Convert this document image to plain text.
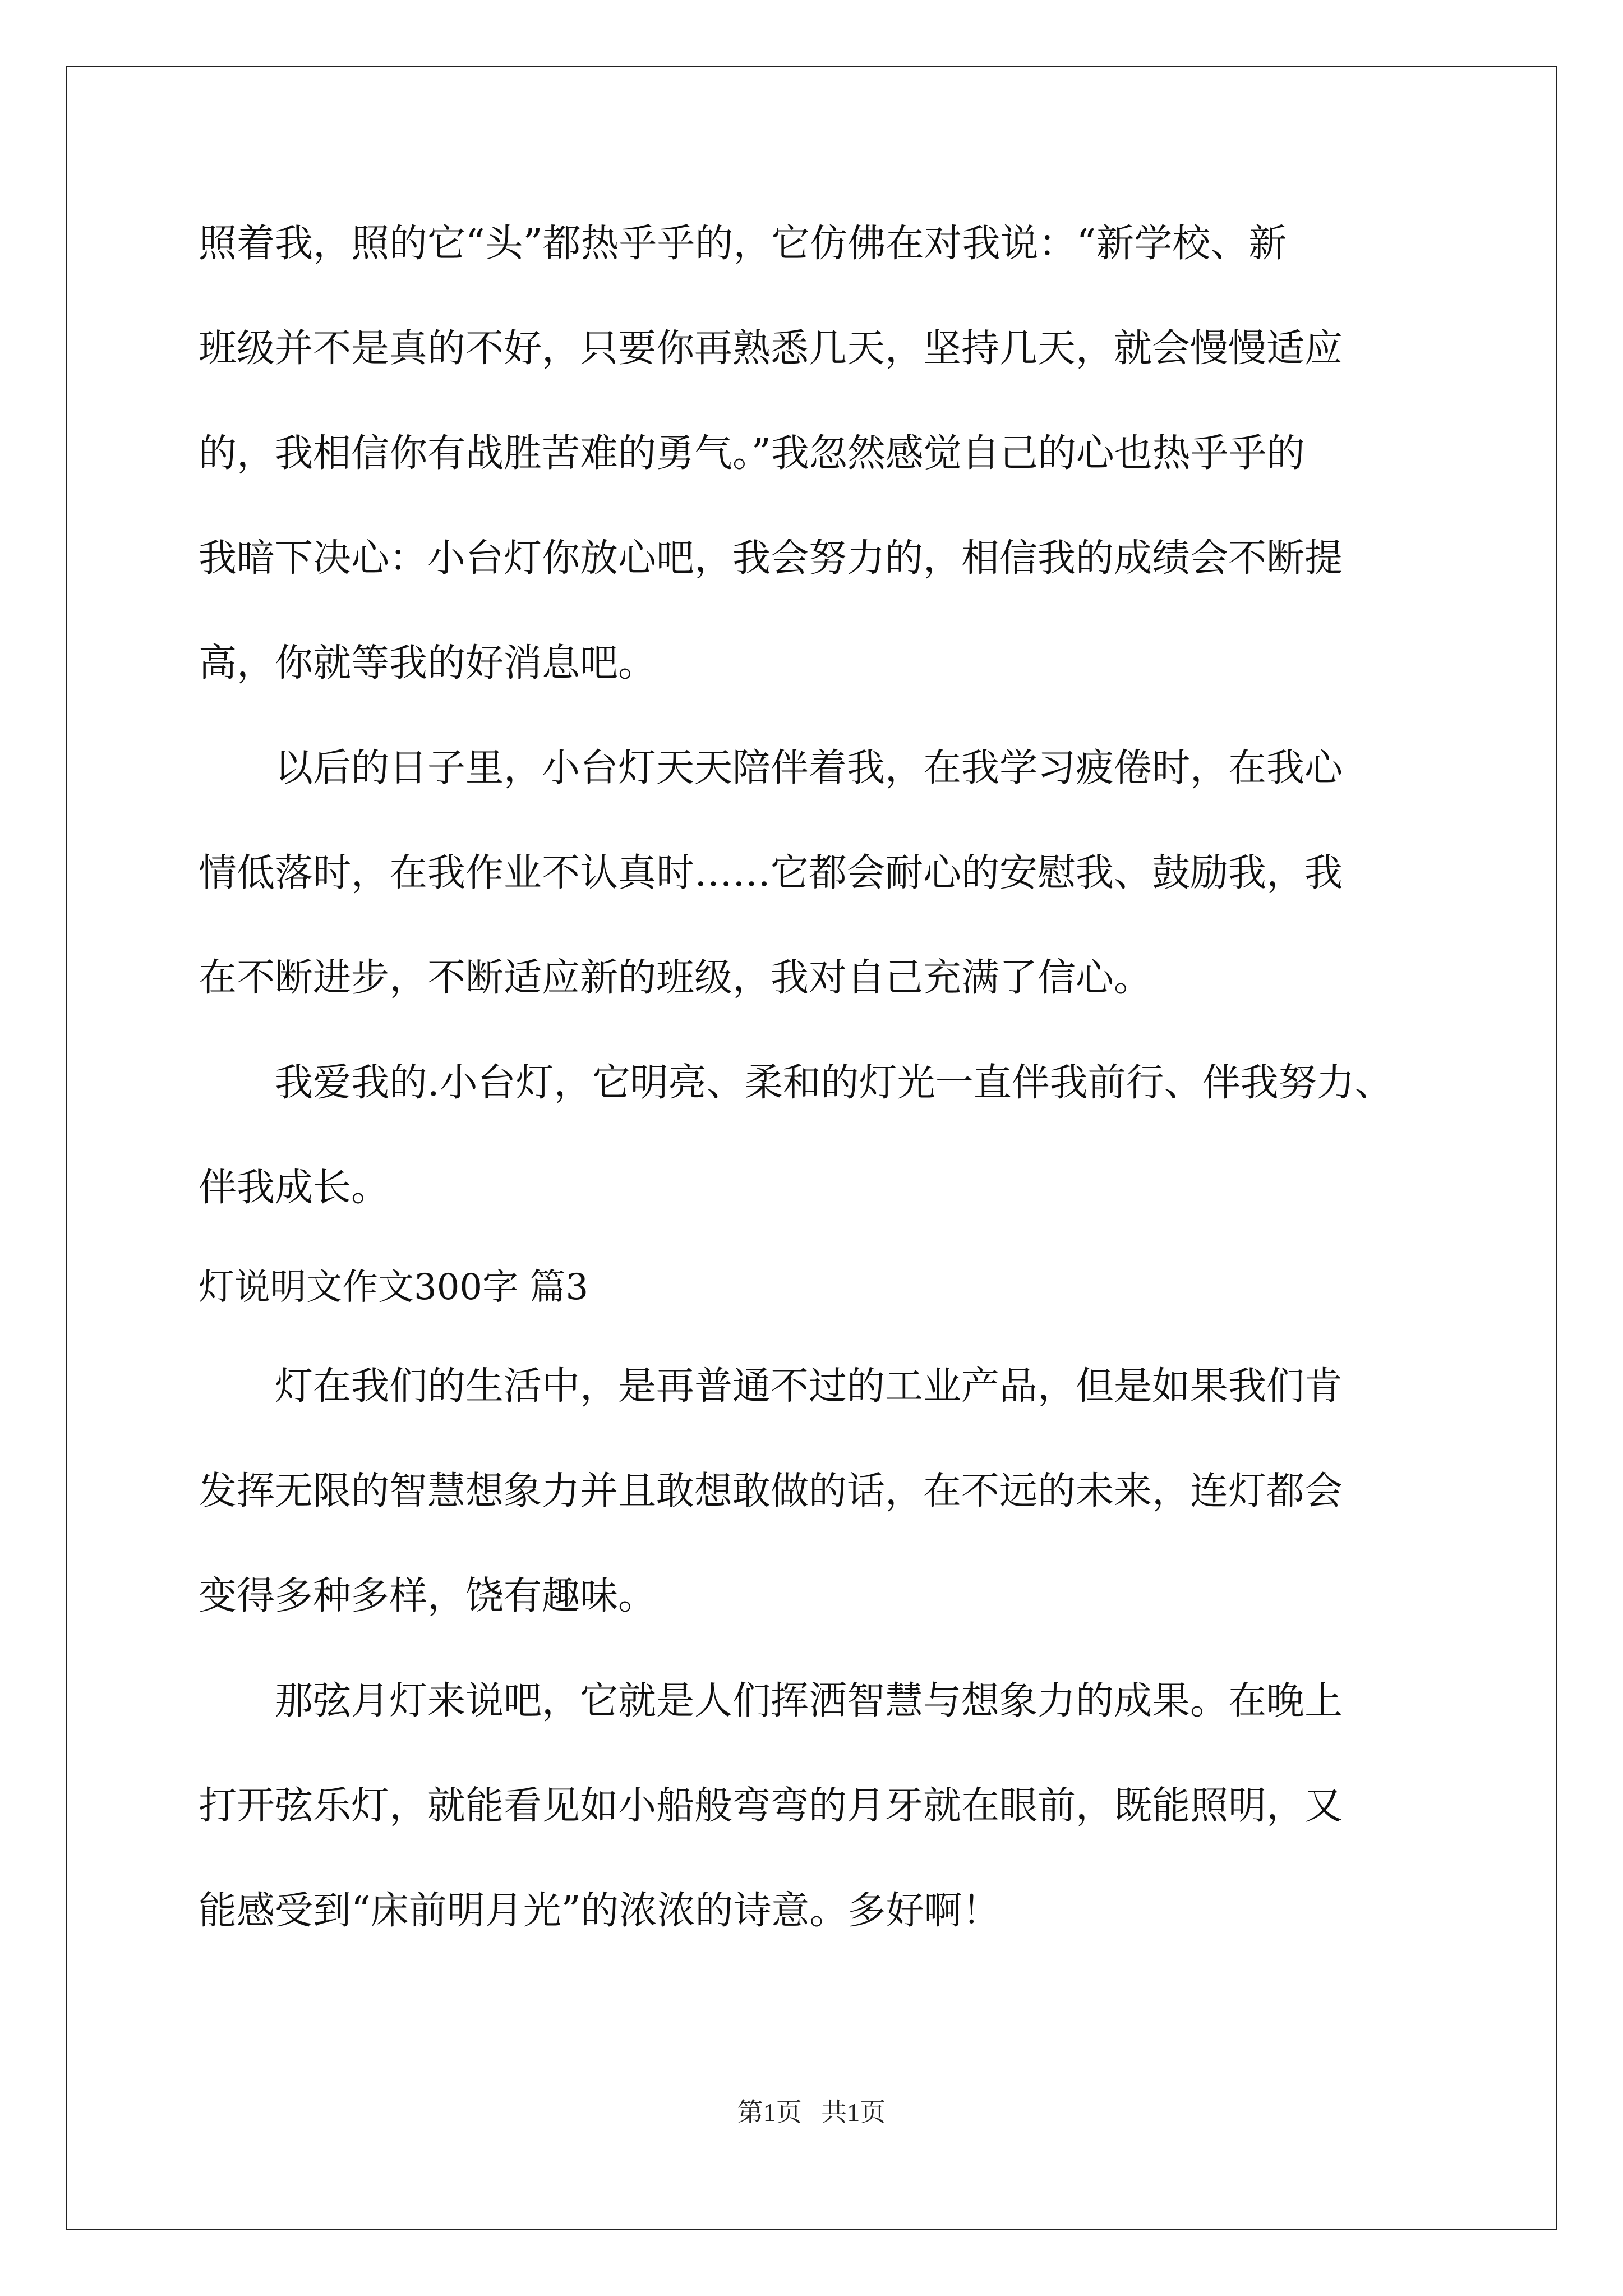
照着我，照的它“头”都热乎乎的，它仿佛在对我说：“新学校、新
班级并不是真的不好，只要你再熟悉几天，坚持几天，就会慢慢适应
的，我相信你有战胜苦难的勇气。”我忽然感觉自己的心也热乎乎的
我暗下决心：小台灯你放心吧，我会努力的，相信我的成绩会不断提
高，你就等我的好消息吧。
　　以后的日子里，小台灯天天陪伴着我，在我学习疲倦时，在我心
情低落时，在我作业不认真时……它都会耐心的安慰我、鼓励我，我
在不断进步，不断适应新的班级，我对自己充满了信心。
　　我爱我的.小台灯，它明亮、柔和的灯光一直伴我前行、伴我努力、
伴我成长。
灯说明文作文300字 篇3
　　灯在我们的生活中，是再普通不过的工业产品，但是如果我们肯
发挥无限的智慧想象力并且敢想敢做的话，在不远的未来，连灯都会
变得多种多样，饶有趣味。
　　那弦月灯来说吧，它就是人们挥洒智慧与想象力的成果。在晚上
打开弦乐灯，就能看见如小船般弯弯的月牙就在眼前，既能照明，又
能感受到“床前明月光”的浓浓的诗意。多好啊！
第1页   共1页
